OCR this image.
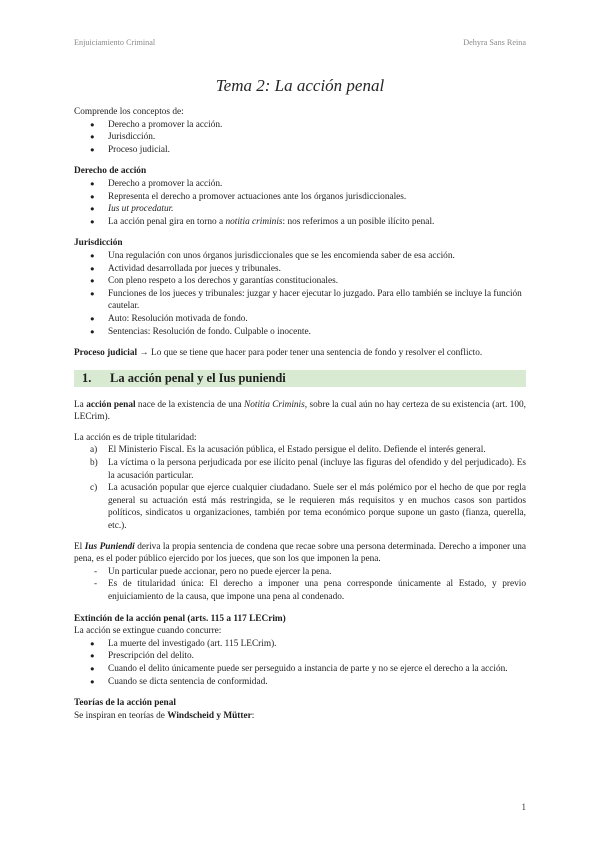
Enjuiciamiento Criminal	Dehyra Sans Reina
Tema 2: La acción penal

Comprende los conceptos de:

● Derecho a promover la acción.
● Jurisdicción.
● Proceso judicial.

Derecho de acción

● Derecho a promover la acción.
● Representa el derecho a promover actuaciones ante los órganos jurisdiccionales.
● Ius ut procedatur.
● La acción penal gira en torno a notitia criminis: nos referimos a un posible ilícito penal.

Jurisdicción

● Una regulación con unos órganos jurisdiccionales que se les encomienda saber de esa acción.
● Actividad desarrollada por jueces y tribunales.
● Con pleno respeto a los derechos y garantías constitucionales.
● Funciones de los jueces y tribunales: juzgar y hacer ejecutar lo juzgado. Para ello también se incluye la función cautelar.
● Auto: Resolución motivada de fondo.
● Sentencias: Resolución de fondo. Culpable o inocente.

Proceso judicial → Lo que se tiene que hacer para poder tener una sentencia de fondo y resolver el conflicto.

1. La acción penal y el Ius puniendi

La acción penal nace de la existencia de una Notitia Criminis, sobre la cual aún no hay certeza de su existencia (art. 100, LECrim).

La acción es de triple titularidad:

a) El Ministerio Fiscal. Es la acusación pública, el Estado persigue el delito. Defiende el interés general.
b) La víctima o la persona perjudicada por ese ilícito penal (incluye las figuras del ofendido y del perjudicado). Es la acusación particular.
c) La acusación popular que ejerce cualquier ciudadano. Suele ser el más polémico por el hecho de que por regla general su actuación está más restringida, se le requieren más requisitos y en muchos casos son partidos políticos, sindicatos u organizaciones, también por tema económico porque supone un gasto (fianza, querella, etc.).

El Ius Puniendi deriva la propia sentencia de condena que recae sobre una persona determinada. Derecho a imponer una pena, es el poder público ejercido por los jueces, que son los que imponen la pena.

- Un particular puede accionar, pero no puede ejercer la pena.
- Es de titularidad única: El derecho a imponer una pena corresponde únicamente al Estado, y previo enjuiciamiento de la causa, que impone una pena al condenado.

Extinción de la acción penal (arts. 115 a 117 LECrim)

La acción se extingue cuando concurre:

● La muerte del investigado (art. 115 LECrim).
● Prescripción del delito.
● Cuando el delito únicamente puede ser perseguido a instancia de parte y no se ejerce el derecho a la acción.
● Cuando se dicta sentencia de conformidad.

Teorías de la acción penal

Se inspiran en teorías de Windscheid y Mütter:

1
